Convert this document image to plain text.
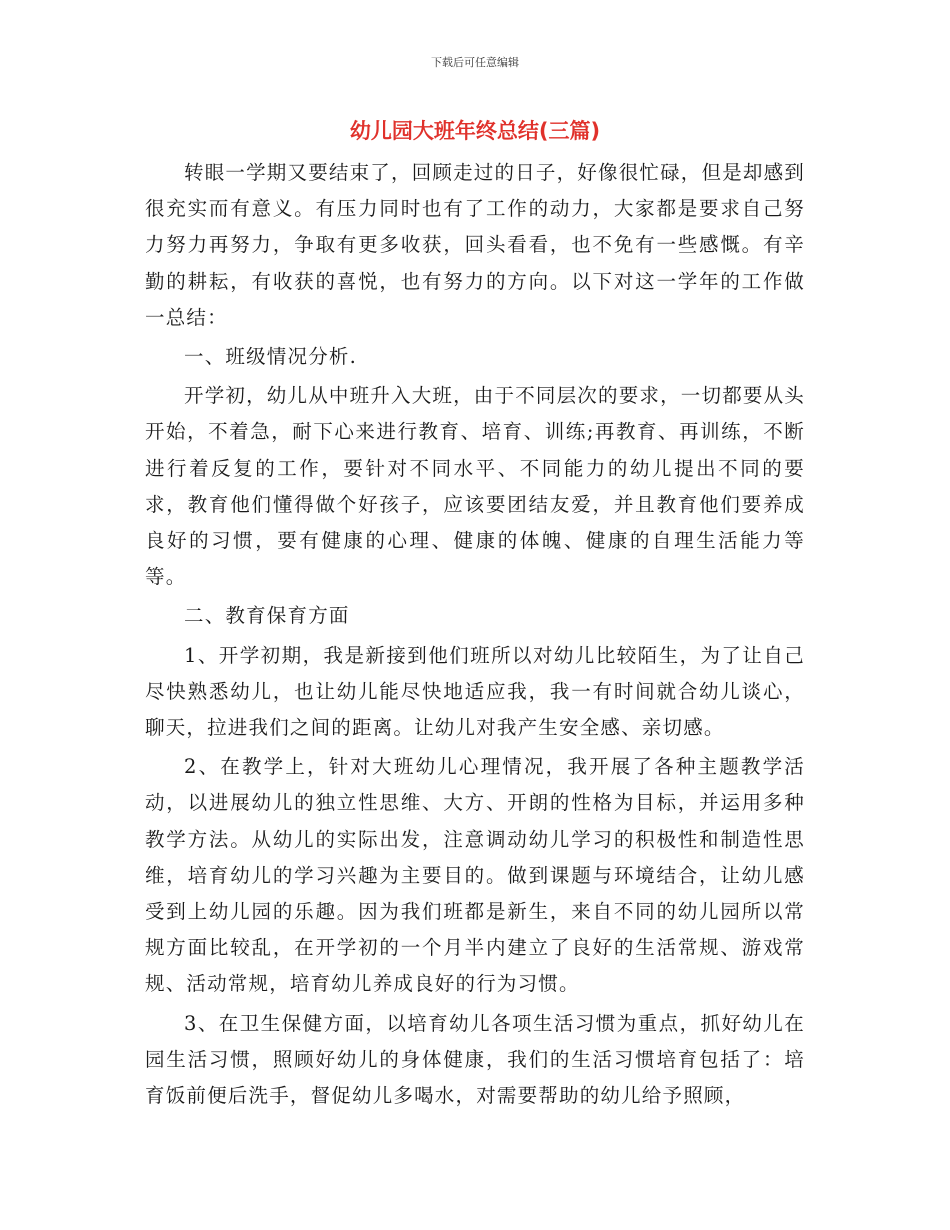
下载后可任意编辑
幼儿园大班年终总结(三篇)

转眼一学期又要结束了，回顾走过的日子，好像很忙碌，但是却感到很充实而有意义。有压力同时也有了工作的动力，大家都是要求自己努力努力再努力，争取有更多收获，回头看看，也不免有一些感慨。有辛勤的耕耘，有收获的喜悦，也有努力的方向。以下对这一学年的工作做一总结：

一、班级情况分析.

开学初，幼儿从中班升入大班，由于不同层次的要求，一切都要从头开始，不着急，耐下心来进行教育、培育、训练;再教育、再训练，不断进行着反复的工作，要针对不同水平、不同能力的幼儿提出不同的要求，教育他们懂得做个好孩子，应该要团结友爱，并且教育他们要养成良好的习惯，要有健康的心理、健康的体魄、健康的自理生活能力等等。

二、教育保育方面

1、开学初期，我是新接到他们班所以对幼儿比较陌生，为了让自己尽快熟悉幼儿，也让幼儿能尽快地适应我，我一有时间就合幼儿谈心，聊天，拉进我们之间的距离。让幼儿对我产生安全感、亲切感。

2、在教学上，针对大班幼儿心理情况，我开展了各种主题教学活动，以进展幼儿的独立性思维、大方、开朗的性格为目标，并运用多种教学方法。从幼儿的实际出发，注意调动幼儿学习的积极性和制造性思维，培育幼儿的学习兴趣为主要目的。做到课题与环境结合，让幼儿感受到上幼儿园的乐趣。因为我们班都是新生，来自不同的幼儿园所以常规方面比较乱，在开学初的一个月半内建立了良好的生活常规、游戏常规、活动常规，培育幼儿养成良好的行为习惯。

3、在卫生保健方面，以培育幼儿各项生活习惯为重点，抓好幼儿在园生活习惯，照顾好幼儿的身体健康，我们的生活习惯培育包括了：培育饭前便后洗手，督促幼儿多喝水，对需要帮助的幼儿给予照顾，
